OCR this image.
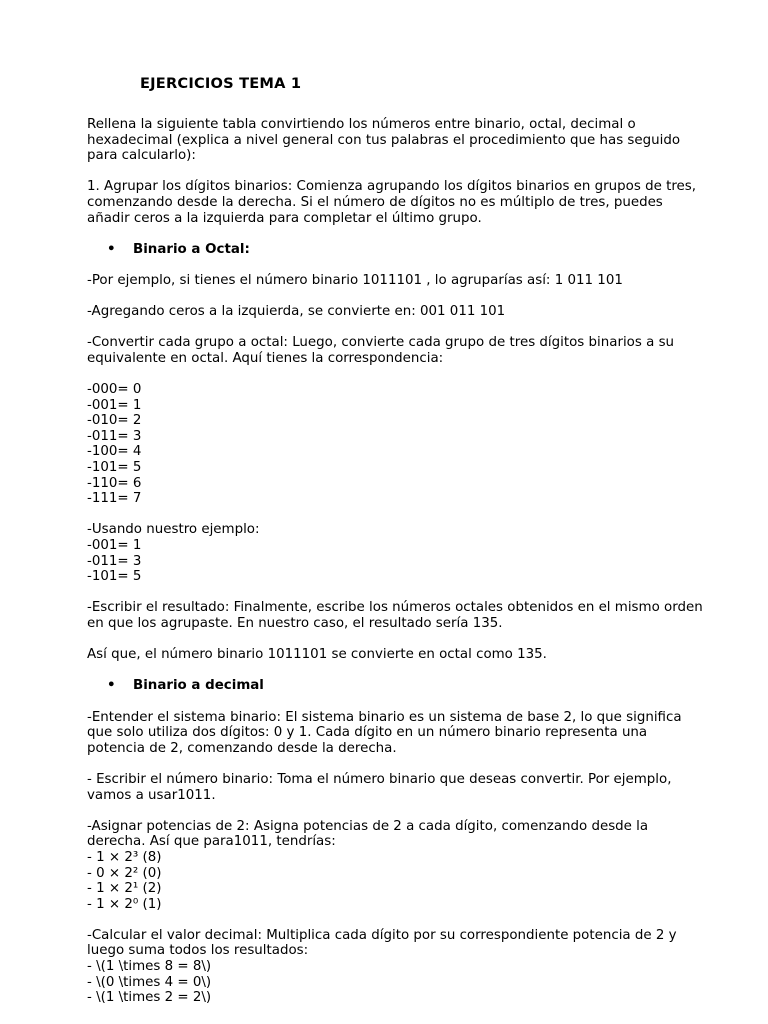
EJERCICIOS TEMA 1

Rellena la siguiente tabla convirtiendo los números entre binario, octal, decimal o hexadecimal (explica a nivel general con tus palabras el procedimiento que has seguido para calcularlo):

1. Agrupar los dígitos binarios: Comienza agrupando los dígitos binarios en grupos de tres, comenzando desde la derecha. Si el número de dígitos no es múltiplo de tres, puedes añadir ceros a la izquierda para completar el último grupo.

• Binario a Octal:

-Por ejemplo, si tienes el número binario 1011101 , lo agruparías así: 1 011 101

-Agregando ceros a la izquierda, se convierte en: 001 011 101

-Convertir cada grupo a octal: Luego, convierte cada grupo de tres dígitos binarios a su equivalente en octal. Aquí tienes la correspondencia:

-000= 0
-001= 1
-010= 2
-011= 3
-100= 4
-101= 5
-110= 6
-111= 7

-Usando nuestro ejemplo:
-001= 1
-011= 3
-101= 5

-Escribir el resultado: Finalmente, escribe los números octales obtenidos en el mismo orden en que los agrupaste. En nuestro caso, el resultado sería 135.

Así que, el número binario 1011101 se convierte en octal como 135.

• Binario a decimal

-Entender el sistema binario: El sistema binario es un sistema de base 2, lo que significa que solo utiliza dos dígitos: 0 y 1. Cada dígito en un número binario representa una potencia de 2, comenzando desde la derecha.

- Escribir el número binario: Toma el número binario que deseas convertir. Por ejemplo, vamos a usar1011.

-Asignar potencias de 2: Asigna potencias de 2 a cada dígito, comenzando desde la derecha. Así que para1011, tendrías:
- 1 × 2³ (8)
- 0 × 2² (0)
- 1 × 2¹ (2)
- 1 × 2⁰ (1)
-Calcular el valor decimal: Multiplica cada dígito por su correspondiente potencia de 2 y luego suma todos los resultados:
- \(1 \times 8 = 8\)
- \(0 \times 4 = 0\)
- \(1 \times 2 = 2\)
